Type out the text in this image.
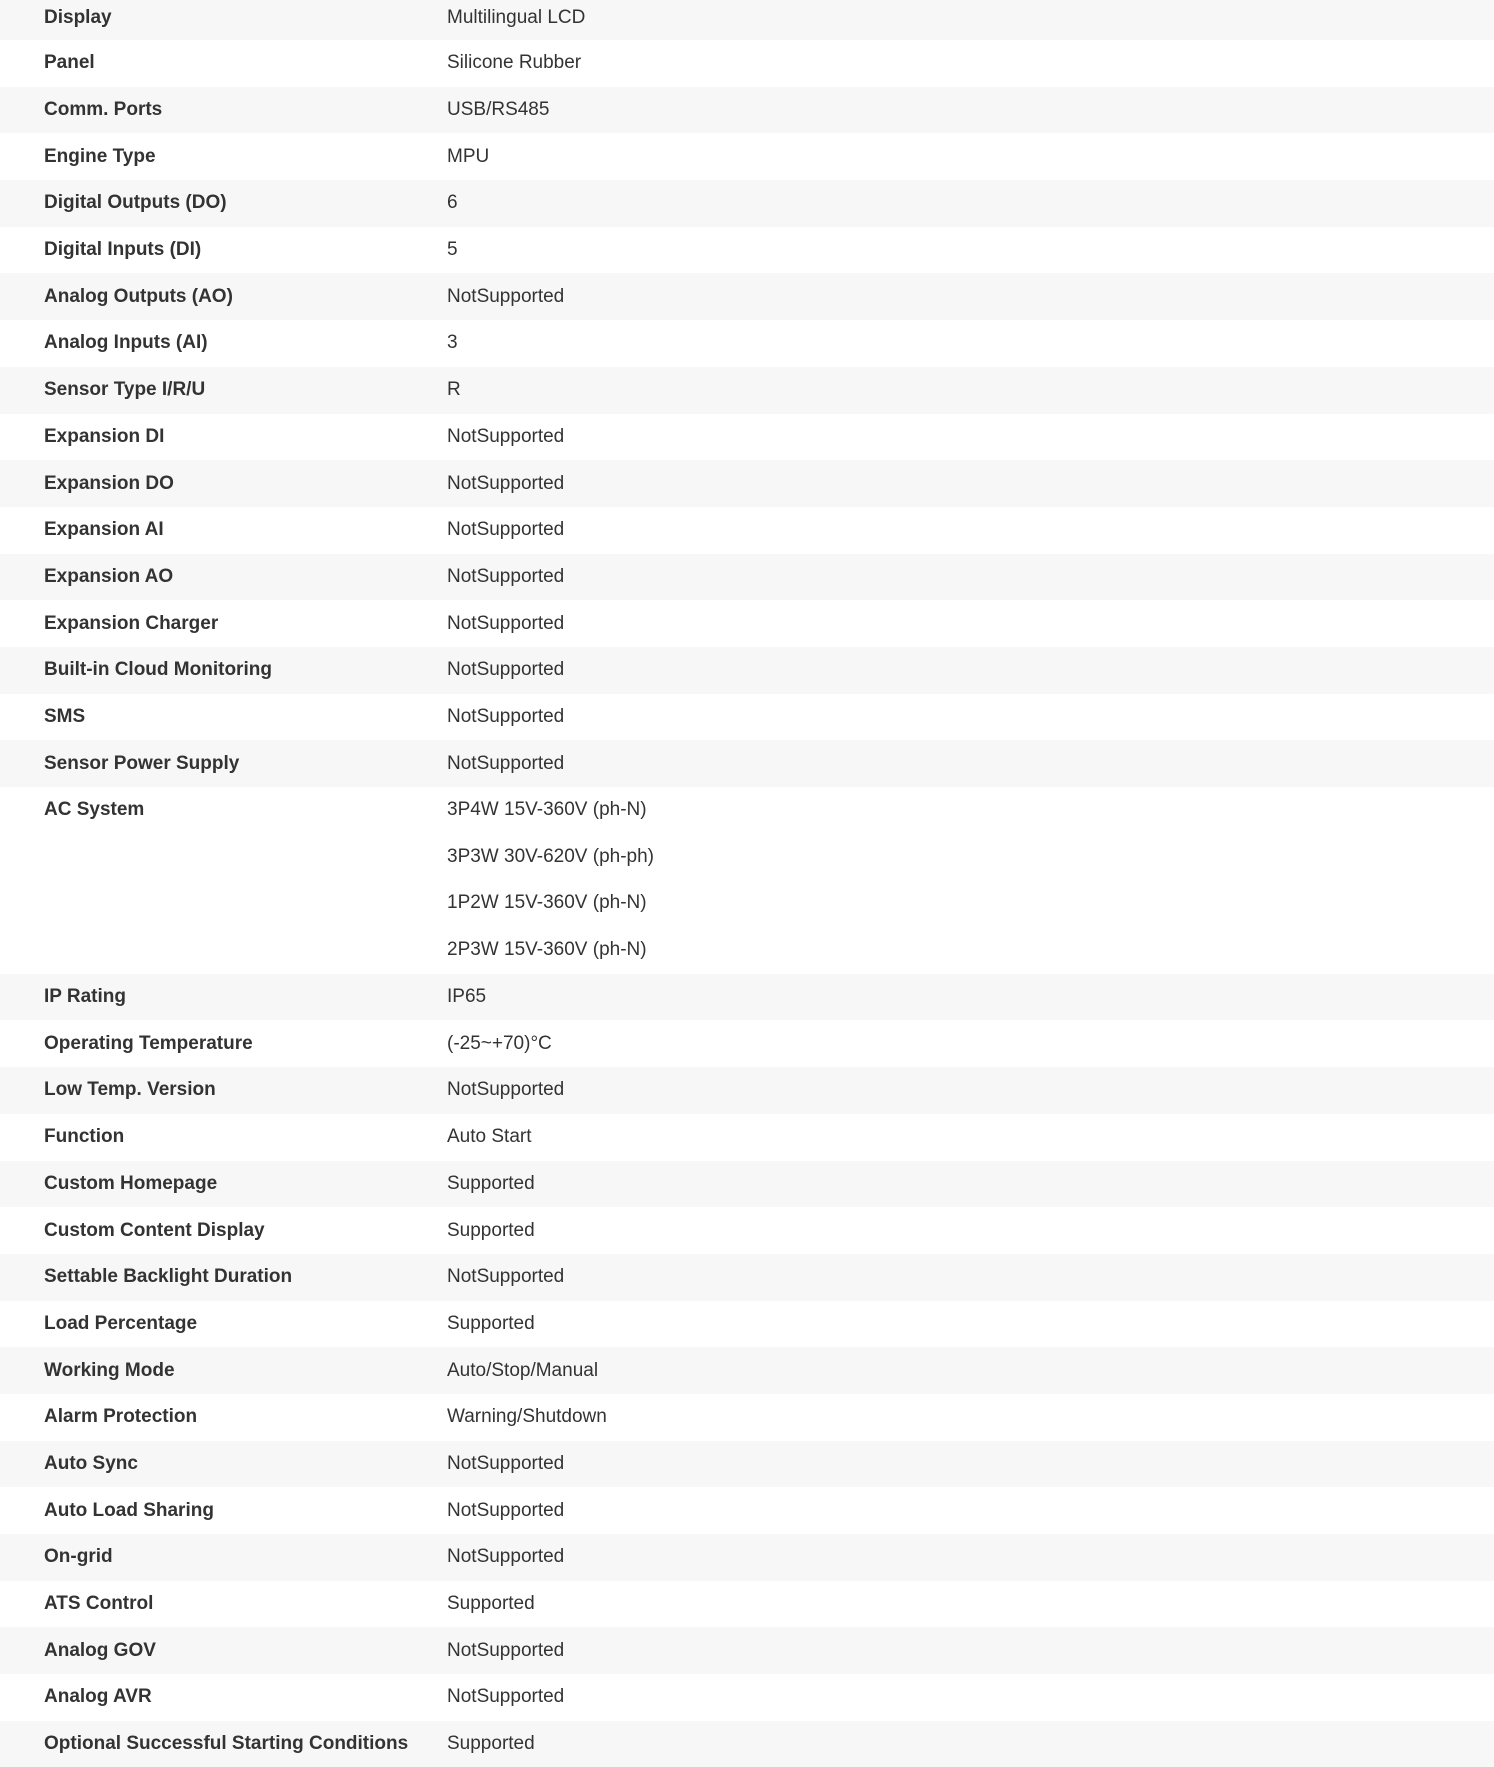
Display	Multilingual LCD
Panel	Silicone Rubber
Comm. Ports	USB/RS485
Engine Type	MPU
Digital Outputs (DO)	6
Digital Inputs (DI)	5
Analog Outputs (AO)	NotSupported
Analog Inputs (AI)	3
Sensor Type I/R/U	R
Expansion DI	NotSupported
Expansion DO	NotSupported
Expansion AI	NotSupported
Expansion AO	NotSupported
Expansion Charger	NotSupported
Built-in Cloud Monitoring	NotSupported
SMS	NotSupported
Sensor Power Supply	NotSupported
AC System	3P4W 15V-360V (ph-N)
3P3W 30V-620V (ph-ph)
1P2W 15V-360V (ph-N)
2P3W 15V-360V (ph-N)

IP Rating	IP65
Operating Temperature	(-25~+70)°C
Low Temp. Version	NotSupported
Function	Auto Start
Custom Homepage	Supported
Custom Content Display	Supported
Settable Backlight Duration	NotSupported
Load Percentage	Supported
Working Mode	Auto/Stop/Manual
Alarm Protection	Warning/Shutdown
Auto Sync	NotSupported
Auto Load Sharing	NotSupported
On-grid	NotSupported
ATS Control	Supported
Analog GOV	NotSupported
Analog AVR	NotSupported
Optional Successful Starting Conditions	Supported
